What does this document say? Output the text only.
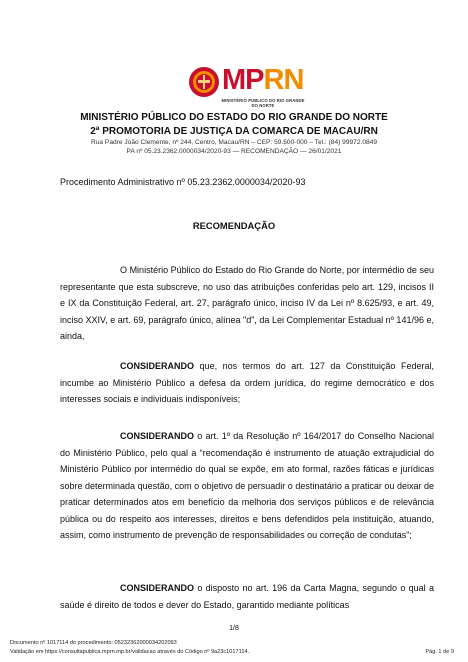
MPRN
MINISTÉRIO PÚBLICO DO RIO GRANDE DO NORTE
MINISTÉRIO PÚBLICO DO ESTADO DO RIO GRANDE DO NORTE
2ª PROMOTORIA DE JUSTIÇA DA COMARCA DE MACAU/RN
Rua Padre João Clemente, nº 244, Centro, Macau/RN – CEP: 59.500-000 – Tel.: (84) 99972.0849
PA nº 05.23.2362.0000034/2020-93 — RECOMENDAÇÃO — 26/01/2021
Procedimento Administrativo nº 05.23.2362.0000034/2020-93
RECOMENDAÇÃO
O Ministério Público do Estado do Rio Grande do Norte, por intermédio de seu representante que esta subscreve, no uso das atribuições conferidas pelo art. 129, incisos II e IX da Constituição Federal, art. 27, parágrafo único, inciso IV da Lei nº 8.625/93, e art. 49, inciso XXIV, e art. 69, parágrafo único, alínea "d", da Lei Complementar Estadual nº 141/96 e, ainda,
CONSIDERANDO que, nos termos do art. 127 da Constituição Federal, incumbe ao Ministério Público a defesa da ordem jurídica, do regime democrático e dos interesses sociais e individuais indisponíveis;
CONSIDERANDO o art. 1º da Resolução nº 164/2017 do Conselho Nacional do Ministério Público, pelo qual a “recomendação é instrumento de atuação extrajudicial do Ministério Público por intermédio do qual se expõe, em ato formal, razões fáticas e jurídicas sobre determinada questão, com o objetivo de persuadir o destinatário a praticar ou deixar de praticar determinados atos em benefício da melhoria dos serviços públicos e de relevância pública ou do respeito aos interesses, direitos e bens defendidos pela instituição, atuando, assim, como instrumento de prevenção de responsabilidades ou correção de condutas”;
CONSIDERANDO o disposto no art. 196 da Carta Magna, segundo o qual a saúde é direito de todos e dever do Estado, garantido mediante políticas
1/8
Documento nº 1017114 do procedimento: 05232362000034202093
Validação em https://consultapublica.mprn.mp.br/validacao através do Código nº 9a23c1017114.	Pág. 1 de 9
